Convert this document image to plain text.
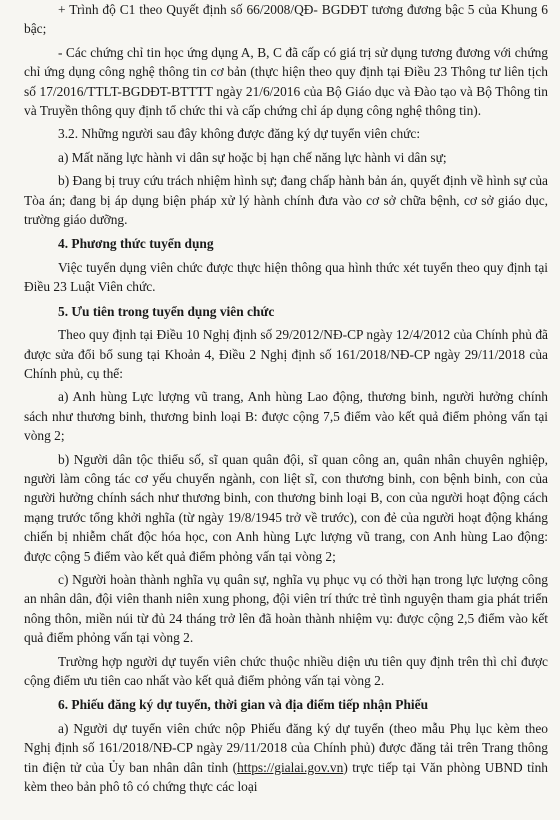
+ Trình độ C1 theo Quyết định số 66/2008/QĐ- BGDĐT tương đương bậc 5 của Khung 6 bậc;

- Các chứng chỉ tin học ứng dụng A, B, C đã cấp có giá trị sử dụng tương đương với chứng chỉ ứng dụng công nghệ thông tin cơ bản (thực hiện theo quy định tại Điều 23 Thông tư liên tịch số 17/2016/TTLT-BGDĐT-BTTTT ngày 21/6/2016 của Bộ Giáo dục và Đào tạo và Bộ Thông tin và Truyền thông quy định tổ chức thi và cấp chứng chỉ áp dụng công nghệ thông tin).

3.2. Những người sau đây không được đăng ký dự tuyển viên chức:

a) Mất năng lực hành vi dân sự hoặc bị hạn chế năng lực hành vi dân sự;

b) Đang bị truy cứu trách nhiệm hình sự; đang chấp hành bản án, quyết định về hình sự của Tòa án; đang bị áp dụng biện pháp xử lý hành chính đưa vào cơ sở chữa bệnh, cơ sở giáo dục, trường giáo dưỡng.

4. Phương thức tuyển dụng

Việc tuyển dụng viên chức được thực hiện thông qua hình thức xét tuyển theo quy định tại Điều 23 Luật Viên chức.

5. Ưu tiên trong tuyển dụng viên chức

Theo quy định tại Điều 10 Nghị định số 29/2012/NĐ-CP ngày 12/4/2012 của Chính phủ đã được sửa đổi bổ sung tại Khoản 4, Điều 2 Nghị định số 161/2018/NĐ-CP ngày 29/11/2018 của Chính phủ, cụ thể:

a) Anh hùng Lực lượng vũ trang, Anh hùng Lao động, thương binh, người hưởng chính sách như thương binh, thương binh loại B: được cộng 7,5 điểm vào kết quả điểm phỏng vấn tại vòng 2;

b) Người dân tộc thiểu số, sĩ quan quân đội, sĩ quan công an, quân nhân chuyên nghiệp, người làm công tác cơ yếu chuyển ngành, con liệt sĩ, con thương binh, con bệnh binh, con của người hưởng chính sách như thương binh, con thương binh loại B, con của người hoạt động cách mạng trước tổng khởi nghĩa (từ ngày 19/8/1945 trở về trước), con đẻ của người hoạt động kháng chiến bị nhiễm chất độc hóa học, con Anh hùng Lực lượng vũ trang, con Anh hùng Lao động: được cộng 5 điểm vào kết quả điểm phỏng vấn tại vòng 2;

c) Người hoàn thành nghĩa vụ quân sự, nghĩa vụ phục vụ có thời hạn trong lực lượng công an nhân dân, đội viên thanh niên xung phong, đội viên trí thức trẻ tình nguyện tham gia phát triển nông thôn, miền núi từ đủ 24 tháng trở lên đã hoàn thành nhiệm vụ: được cộng 2,5 điểm vào kết quả điểm phỏng vấn tại vòng 2.

Trường hợp người dự tuyển viên chức thuộc nhiều diện ưu tiên quy định trên thì chỉ được cộng điểm ưu tiên cao nhất vào kết quả điểm phỏng vấn tại vòng 2.

6. Phiếu đăng ký dự tuyển, thời gian và địa điểm tiếp nhận Phiếu

a) Người dự tuyển viên chức nộp Phiếu đăng ký dự tuyển (theo mẫu Phụ lục kèm theo Nghị định số 161/2018/NĐ-CP ngày 29/11/2018 của Chính phủ) được đăng tải trên Trang thông tin điện tử của Ủy ban nhân dân tỉnh (https://gialai.gov.vn) trực tiếp tại Văn phòng UBND tỉnh kèm theo bản phô tô có chứng thực các loại
